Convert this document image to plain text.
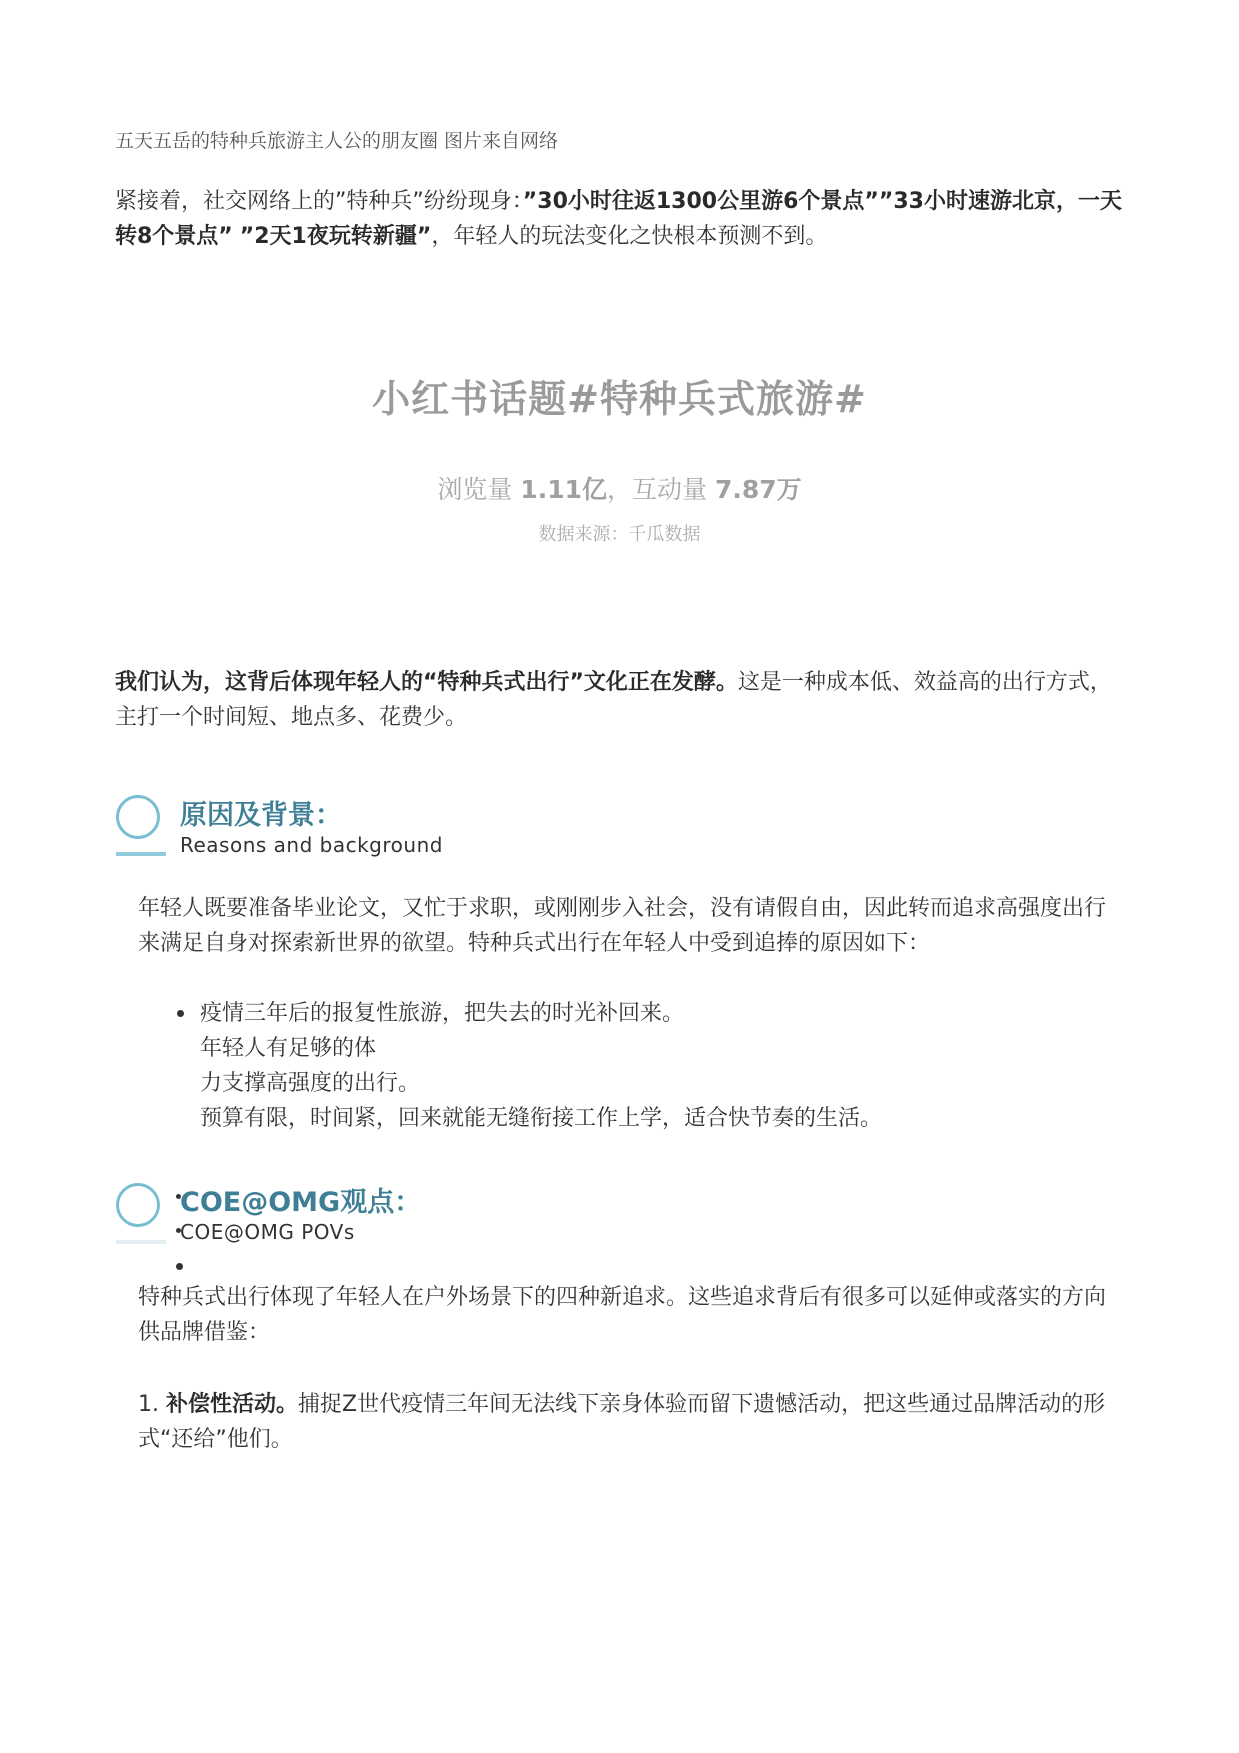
五天五岳的特种兵旅游主人公的朋友圈 图片来自网络
紧接着，社交网络上的”特种兵”纷纷现身：”30小时往返1300公里游6个景点””33小时速游北京，一天转8个景点” ”2天1夜玩转新疆”，年轻人的玩法变化之快根本预测不到。
小红书话题#特种兵式旅游#
浏览量 1.11亿，互动量 7.87万
数据来源：千瓜数据
我们认为，这背后体现年轻人的“特种兵式出行”文化正在发酵。这是一种成本低、效益高的出行方式，主打一个时间短、地点多、花费少。
原因及背景：
Reasons and background
年轻人既要准备毕业论文，又忙于求职，或刚刚步入社会，没有请假自由，因此转而追求高强度出行来满足自身对探索新世界的欲望。特种兵式出行在年轻人中受到追捧的原因如下：
疫情三年后的报复性旅游，把失去的时光补回来。
年轻人有足够的体
力支撑高强度的出行。
预算有限，时间紧，回来就能无缝衔接工作上学，适合快节奏的生活。
COE@OMG观点：
COE@OMG POVs
特种兵式出行体现了年轻人在户外场景下的四种新追求。这些追求背后有很多可以延伸或落实的方向供品牌借鉴：
1. 补偿性活动。捕捉Z世代疫情三年间无法线下亲身体验而留下遗憾活动，把这些通过品牌活动的形式“还给”他们。
